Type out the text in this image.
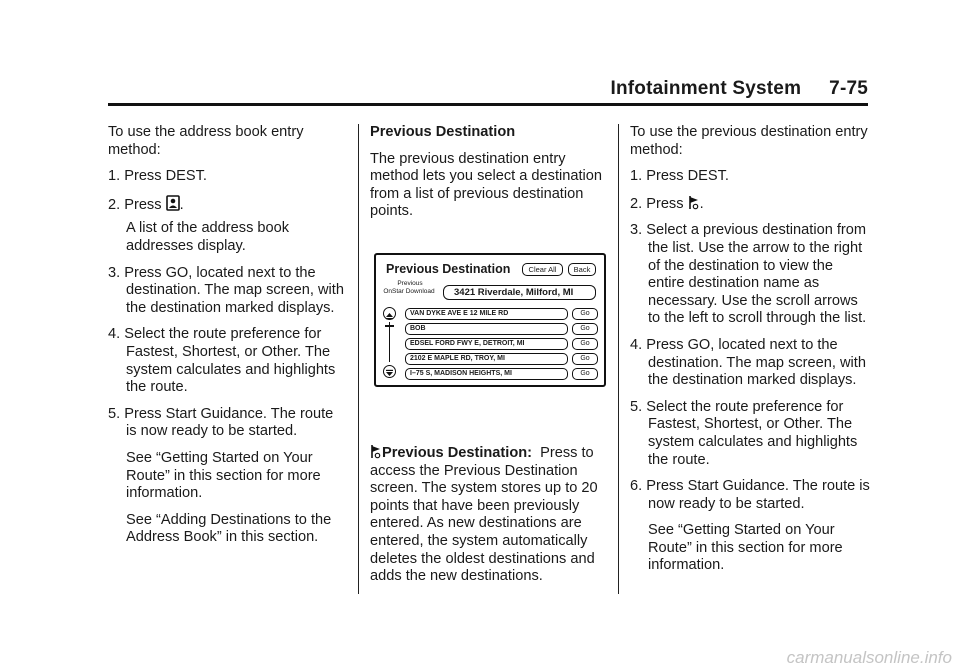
Infotainment System 7-75

To use the address book entry method:

1. Press DEST.

2. Press .

A list of the address book addresses display.

3. Press GO, located next to the destination. The map screen, with the destination marked displays.

4. Select the route preference for Fastest, Shortest, or Other. The system calculates and highlights the route.

5. Press Start Guidance. The route is now ready to be started.

See “Getting Started on Your Route” in this section for more information.

See “Adding Destinations to the Address Book” in this section.

Previous Destination

The previous destination entry method lets you select a destination from a list of previous destination points.

Previous Destination	Clear All	Back
Previous
OnStar Download	3421 Riverdale, Milford, MI
VAN DYKE AVE E 12 MILE RD	Go
BOB	Go
EDSEL FORD FWY E, DETROIT, MI	Go
2102 E MAPLE RD, TROY, MI	Go
I–75 S, MADISON HEIGHTS, MI	Go

Previous Destination: Press to access the Previous Destination screen. The system stores up to 20 points that have been previously entered. As new destinations are entered, the system automatically deletes the oldest destinations and adds the new destinations.

To use the previous destination entry method:

1. Press DEST.

2. Press .

3. Select a previous destination from the list. Use the arrow to the right of the destination to view the entire destination name as necessary. Use the scroll arrows to the left to scroll through the list.

4. Press GO, located next to the destination. The map screen, with the destination marked displays.

5. Select the route preference for Fastest, Shortest, or Other. The system calculates and highlights the route.

6. Press Start Guidance. The route is now ready to be started.

See “Getting Started on Your Route” in this section for more information.

carmanualsonline.info
